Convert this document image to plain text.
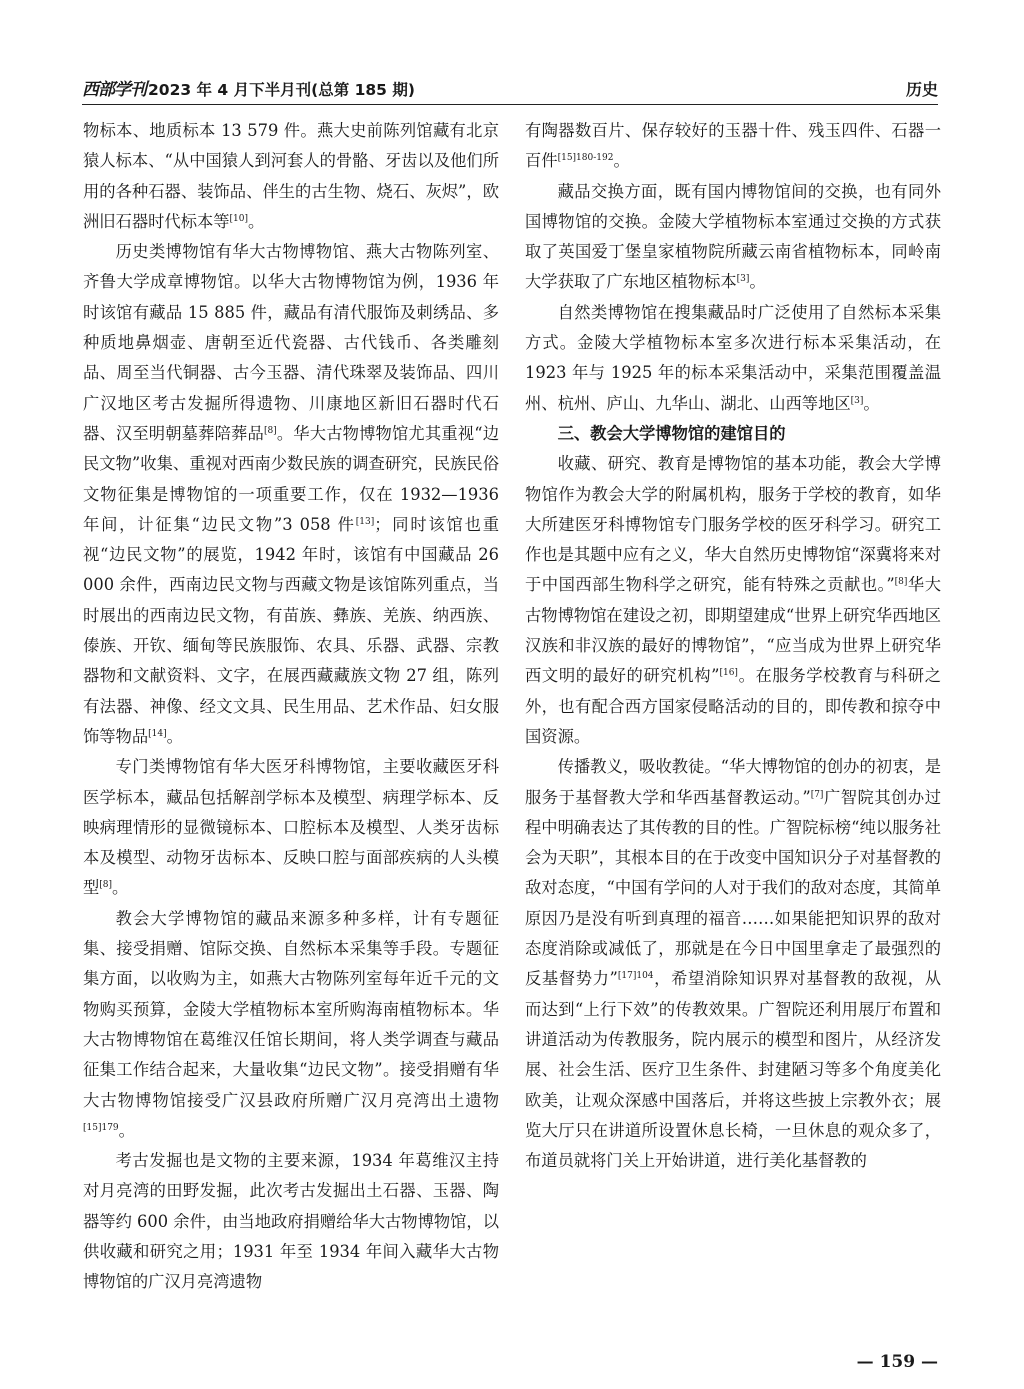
西部学刊 2023 年 4 月下半月刊(总第 185 期)	历史

物标本、地质标本 13 579 件。燕大史前陈列馆藏有北京猿人标本、“从中国猿人到河套人的骨骼、牙齿以及他们所用的各种石器、装饰品、伴生的古生物、烧石、灰烬”，欧洲旧石器时代标本等[10]。

历史类博物馆有华大古物博物馆、燕大古物陈列室、齐鲁大学成章博物馆。以华大古物博物馆为例，1936 年时该馆有藏品 15 885 件，藏品有清代服饰及刺绣品、多种质地鼻烟壶、唐朝至近代瓷器、古代钱币、各类雕刻品、周至当代铜器、古今玉器、清代珠翠及装饰品、四川广汉地区考古发掘所得遗物、川康地区新旧石器时代石器、汉至明朝墓葬陪葬品[8]。华大古物博物馆尤其重视“边民文物”收集、重视对西南少数民族的调查研究，民族民俗文物征集是博物馆的一项重要工作，仅在 1932—1936 年间，计征集“边民文物”3 058 件[13]；同时该馆也重视“边民文物”的展览，1942 年时，该馆有中国藏品 26 000 余件，西南边民文物与西藏文物是该馆陈列重点，当时展出的西南边民文物，有苗族、彝族、羌族、纳西族、傣族、开钦、缅甸等民族服饰、农具、乐器、武器、宗教器物和文献资料、文字，在展西藏藏族文物 27 组，陈列有法器、神像、经文文具、民生用品、艺术作品、妇女服饰等物品[14]。

专门类博物馆有华大医牙科博物馆，主要收藏医牙科医学标本，藏品包括解剖学标本及模型、病理学标本、反映病理情形的显微镜标本、口腔标本及模型、人类牙齿标本及模型、动物牙齿标本、反映口腔与面部疾病的人头模型[8]。

教会大学博物馆的藏品来源多种多样，计有专题征集、接受捐赠、馆际交换、自然标本采集等手段。专题征集方面，以收购为主，如燕大古物陈列室每年近千元的文物购买预算，金陵大学植物标本室所购海南植物标本。华大古物博物馆在葛维汉任馆长期间，将人类学调查与藏品征集工作结合起来，大量收集“边民文物”。接受捐赠有华大古物博物馆接受广汉县政府所赠广汉月亮湾出土遗物$^{[15]179}$。

考古发掘也是文物的主要来源，1934 年葛维汉主持对月亮湾的田野发掘，此次考古发掘出土石器、玉器、陶器等约 600 余件，由当地政府捐赠给华大古物博物馆，以供收藏和研究之用；1931 年至 1934 年间入藏华大古物博物馆的广汉月亮湾遗物

有陶器数百片、保存较好的玉器十件、残玉四件、石器一百件$^{[15]180-192}$。

藏品交换方面，既有国内博物馆间的交换，也有同外国博物馆的交换。金陵大学植物标本室通过交换的方式获取了英国爱丁堡皇家植物院所藏云南省植物标本，同岭南大学获取了广东地区植物标本[3]。

自然类博物馆在搜集藏品时广泛使用了自然标本采集方式。金陵大学植物标本室多次进行标本采集活动，在 1923 年与 1925 年的标本采集活动中，采集范围覆盖温州、杭州、庐山、九华山、湖北、山西等地区[3]。

三、教会大学博物馆的建馆目的

收藏、研究、教育是博物馆的基本功能，教会大学博物馆作为教会大学的附属机构，服务于学校的教育，如华大所建医牙科博物馆专门服务学校的医牙科学习。研究工作也是其题中应有之义，华大自然历史博物馆“深冀将来对于中国西部生物科学之研究，能有特殊之贡献也。”[8]华大古物博物馆在建设之初，即期望建成“世界上研究华西地区汉族和非汉族的最好的博物馆”，“应当成为世界上研究华西文明的最好的研究机构”[16]。在服务学校教育与科研之外，也有配合西方国家侵略活动的目的，即传教和掠夺中国资源。

传播教义，吸收教徒。“华大博物馆的创办的初衷，是服务于基督教大学和华西基督教运动。”[7]广智院其创办过程中明确表达了其传教的目的性。广智院标榜“纯以服务社会为天职”，其根本目的在于改变中国知识分子对基督教的敌对态度，“中国有学问的人对于我们的敌对态度，其简单原因乃是没有听到真理的福音……如果能把知识界的敌对态度消除或减低了，那就是在今日中国里拿走了最强烈的反基督势力”$^{[17]104}$，希望消除知识界对基督教的敌视，从而达到“上行下效”的传教效果。广智院还利用展厅布置和讲道活动为传教服务，院内展示的模型和图片，从经济发展、社会生活、医疗卫生条件、封建陋习等多个角度美化欧美，让观众深感中国落后，并将这些披上宗教外衣；展览大厅只在讲道所设置休息长椅，一旦休息的观众多了，布道员就将门关上开始讲道，进行美化基督教的

— 159 —
